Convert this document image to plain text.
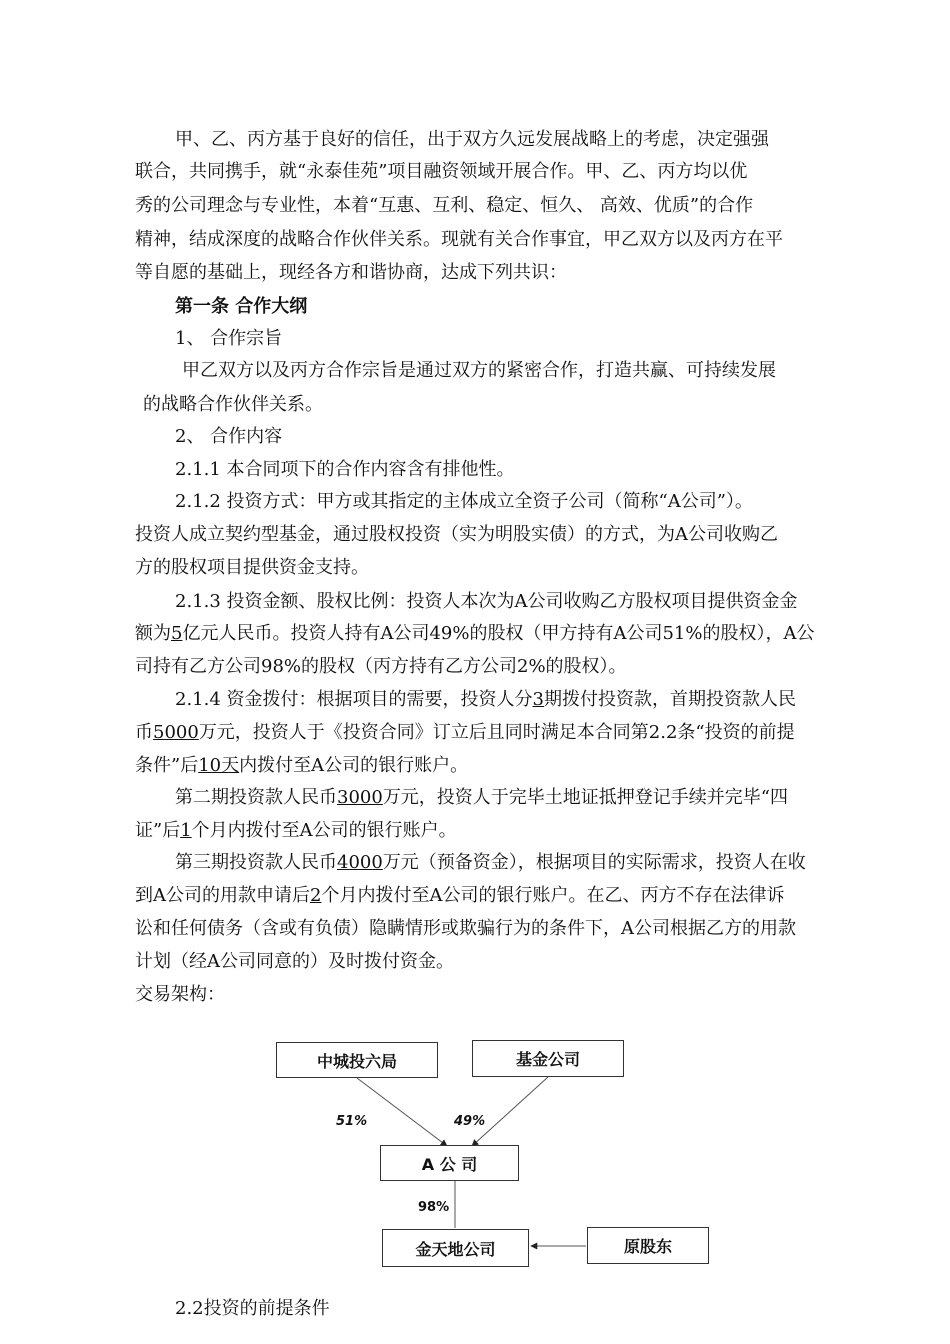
甲、乙、丙方基于良好的信任，出于双方久远发展战略上的考虑，决定强强
联合，共同携手，就“永泰佳苑”项目融资领域开展合作。甲、乙、丙方均以优
秀的公司理念与专业性，本着“互惠、互利、稳定、恒久、 高效、优质”的合作
精神，结成深度的战略合作伙伴关系。现就有关合作事宜，甲乙双方以及丙方在平
等自愿的基础上，现经各方和谐协商，达成下列共识：
第一条 合作大纲
1、 合作宗旨
甲乙双方以及丙方合作宗旨是通过双方的紧密合作，打造共赢、可持续发展
的战略合作伙伴关系。
2、 合作内容
2.1.1 本合同项下的合作内容含有排他性。
2.1.2 投资方式：甲方或其指定的主体成立全资子公司（简称“A公司”）。
投资人成立契约型基金，通过股权投资（实为明股实债）的方式，为A公司收购乙
方的股权项目提供资金支持。
2.1.3 投资金额、股权比例：投资人本次为A公司收购乙方股权项目提供资金金
额为5亿元人民币。投资人持有A公司49%的股权（甲方持有A公司51%的股权），A公
司持有乙方公司98%的股权（丙方持有乙方公司2%的股权）。
2.1.4 资金拨付：根据项目的需要，投资人分3期拨付投资款，首期投资款人民
币5000万元，投资人于《投资合同》订立后且同时满足本合同第2.2条“投资的前提
条件”后10天内拨付至A公司的银行账户。
第二期投资款人民币3000万元，投资人于完毕土地证抵押登记手续并完毕“四
证”后1个月内拨付至A公司的银行账户。
第三期投资款人民币4000万元（预备资金），根据项目的实际需求，投资人在收
到A公司的用款申请后2个月内拨付至A公司的银行账户。在乙、丙方不存在法律诉
讼和任何债务（含或有负债）隐瞒情形或欺骗行为的条件下，A公司根据乙方的用款
计划（经A公司同意的）及时拨付资金。
交易架构：
中城投六局	基金公司
A 公 司
金天地公司	原股东
51%	49%
98%
2.2投资的前提条件
